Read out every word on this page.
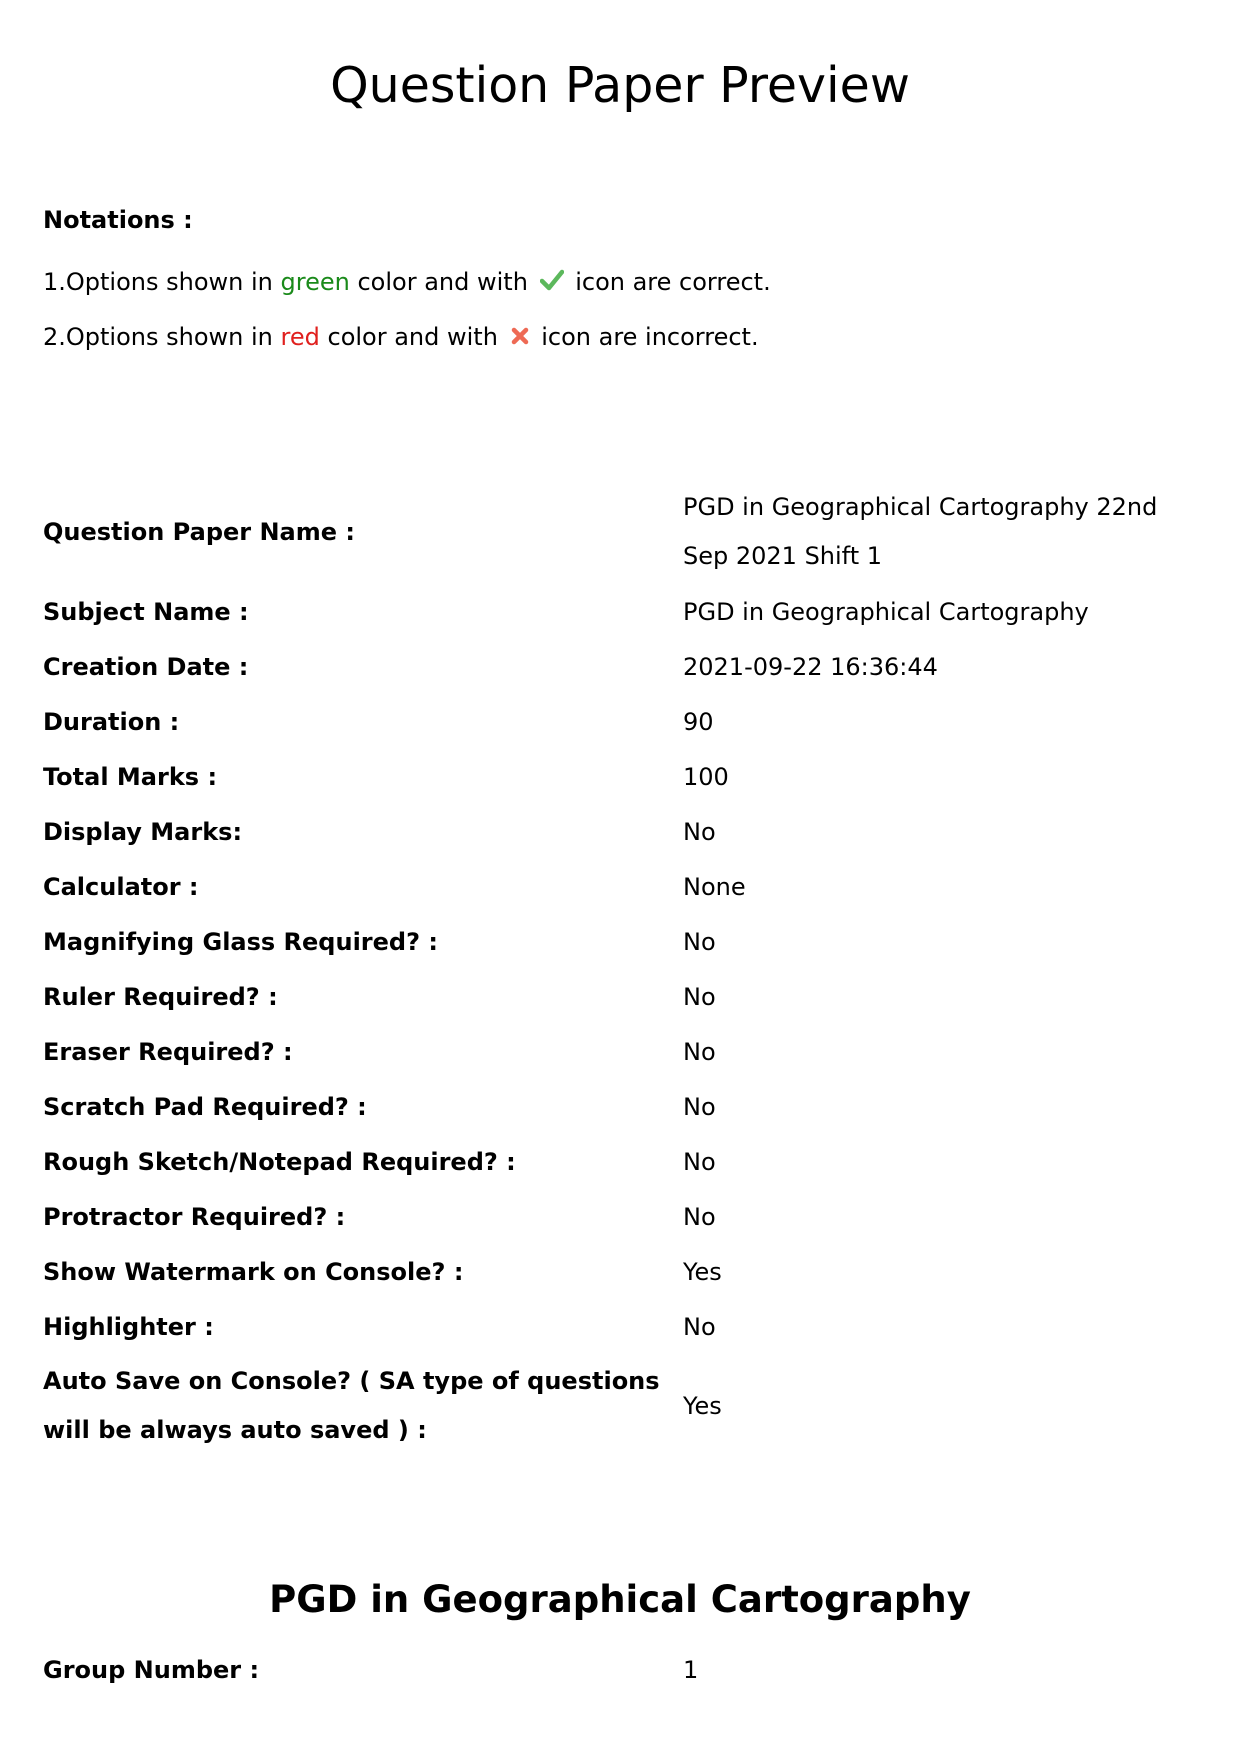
Question Paper Preview
Notations :
1.Options shown in green color and with icon are correct.
2.Options shown in red color and with icon are incorrect.
Question Paper Name :	PGD in Geographical Cartography 22nd Sep 2021 Shift 1
Subject Name :	PGD in Geographical Cartography
Creation Date :	2021-09-22 16:36:44
Duration :	90
Total Marks :	100
Display Marks:	No
Calculator :	None
Magnifying Glass Required? :	No
Ruler Required? :	No
Eraser Required? :	No
Scratch Pad Required? :	No
Rough Sketch/Notepad Required? :	No
Protractor Required? :	No
Show Watermark on Console? :	Yes
Highlighter :	No
Auto Save on Console? ( SA type of questions will be always auto saved ) :	Yes
PGD in Geographical Cartography
Group Number :	1
